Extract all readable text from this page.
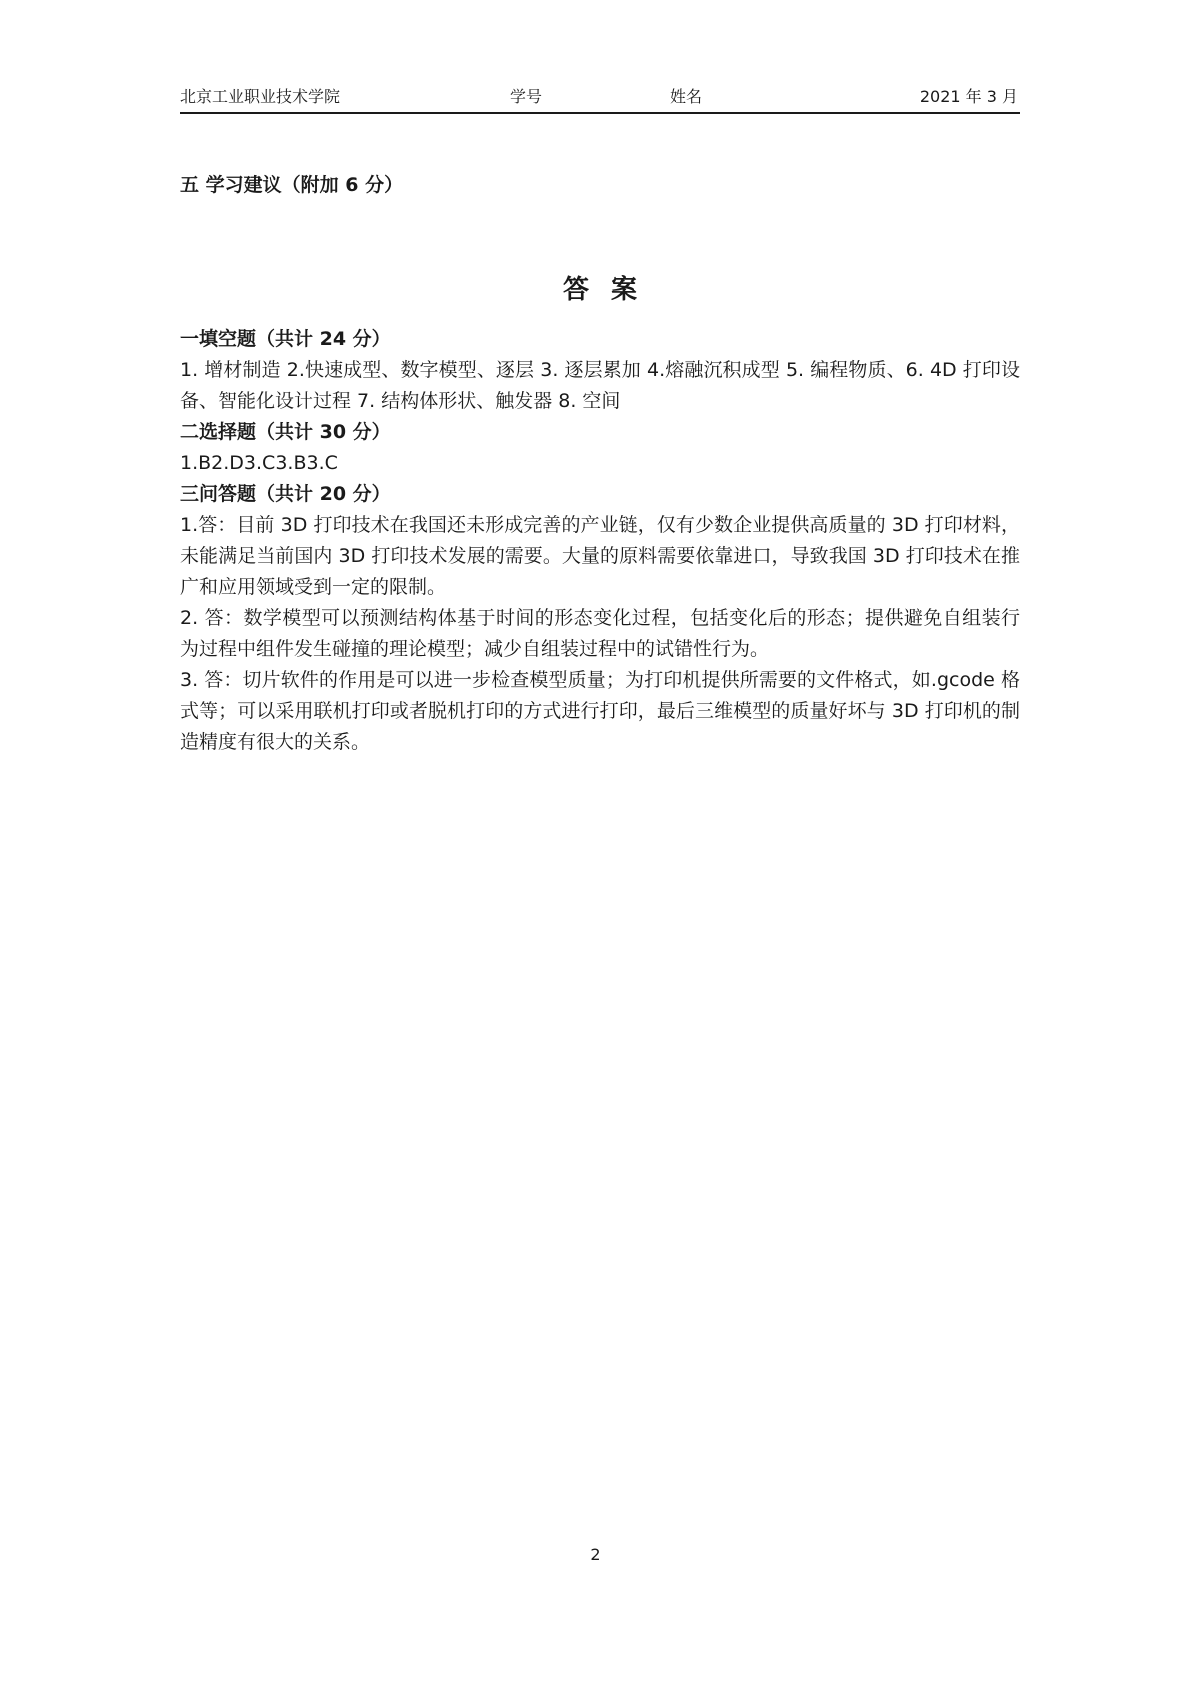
北京工业职业技术学院	学号	姓名	2021 年 3 月

五 学习建议（附加 6 分）

答案

一填空题（共计 24 分）

1. 增材制造 2.快速成型、数字模型、逐层 3. 逐层累加 4.熔融沉积成型 5. 编程物质、6. 4D 打印设备、智能化设计过程 7. 结构体形状、触发器 8. 空间

二选择题（共计 30 分）

1.B2.D3.C3.B3.C

三问答题（共计 20 分）

1.答：目前 3D 打印技术在我国还未形成完善的产业链，仅有少数企业提供高质量的 3D 打印材料，未能满足当前国内 3D 打印技术发展的需要。大量的原料需要依靠进口，导致我国 3D 打印技术在推广和应用领域受到一定的限制。

2. 答：数学模型可以预测结构体基于时间的形态变化过程，包括变化后的形态；提供避免自组装行为过程中组件发生碰撞的理论模型；减少自组装过程中的试错性行为。

3. 答：切片软件的作用是可以进一步检查模型质量；为打印机提供所需要的文件格式，如.gcode 格式等；可以采用联机打印或者脱机打印的方式进行打印，最后三维模型的质量好坏与 3D 打印机的制造精度有很大的关系。

2
